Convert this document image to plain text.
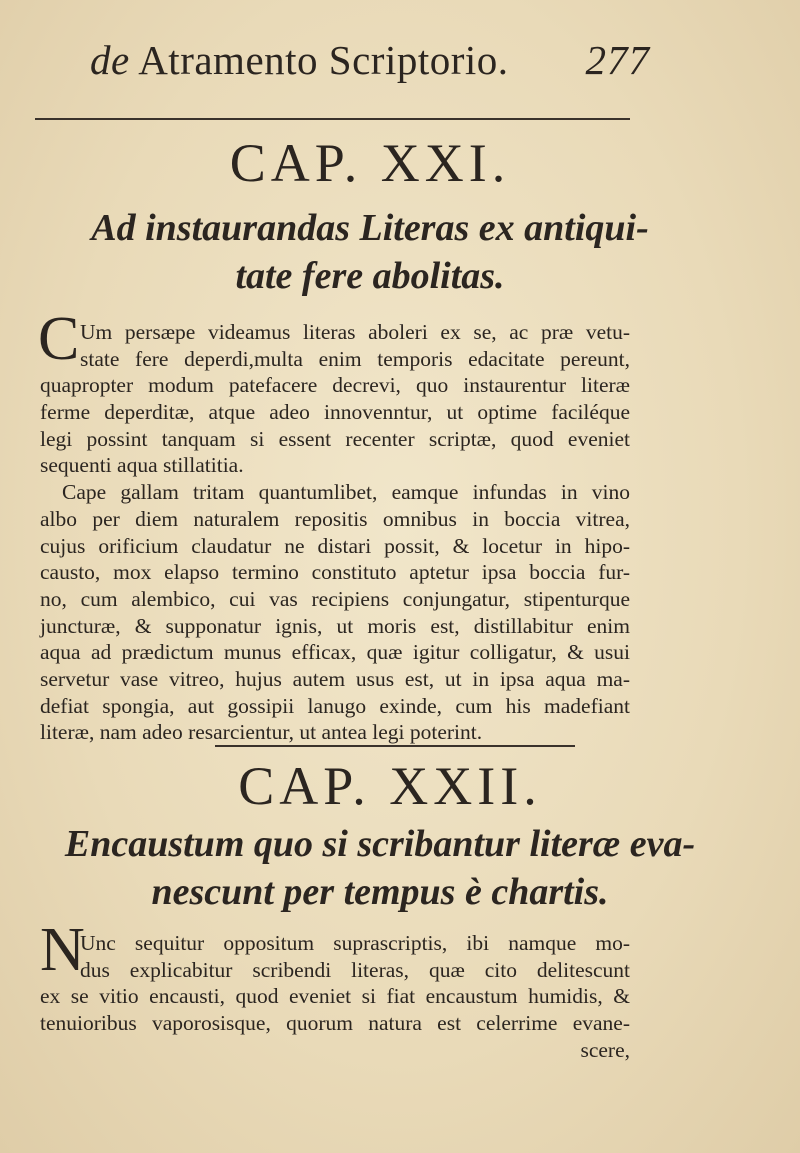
de Atramento Scriptorio. 277
CAP. XXI.
Ad instaurandas Literas ex antiqui-
tate fere abolitas.
C Um persæpe videamus literas aboleri ex se, ac præ vetu-
state fere deperdi,multa enim temporis edacitate pereunt,
quapropter modum patefacere decrevi, quo instaurentur literæ
ferme deperditæ, atque adeo innovenntur, ut optime faciléque
legi possint tanquam si essent recenter scriptæ, quod eveniet
sequenti aqua stillatitia.
Cape gallam tritam quantumlibet, eamque infundas in vino
albo per diem naturalem repositis omnibus in boccia vitrea,
cujus orificium claudatur ne distari possit, & locetur in hipo-
causto, mox elapso termino constituto aptetur ipsa boccia fur-
no, cum alembico, cui vas recipiens conjungatur, stipenturque
juncturæ, & supponatur ignis, ut moris est, distillabitur enim
aqua ad prædictum munus efficax, quæ igitur colligatur, & usui
servetur vase vitreo, hujus autem usus est, ut in ipsa aqua ma-
defiat spongia, aut gossipii lanugo exinde, cum his madefiant
literæ, nam adeo resarcientur, ut antea legi poterint.
CAP. XXII.
Encaustum quo si scribantur literæ eva-
nescunt per tempus è chartis.
N
Unc sequitur oppositum suprascriptis, ibi namque mo-
dus explicabitur scribendi literas, quæ cito delitescunt
ex se vitio encausti, quod eveniet si fiat encaustum humidis, &
tenuioribus vaporosisque, quorum natura est celerrime evane-
scere,
